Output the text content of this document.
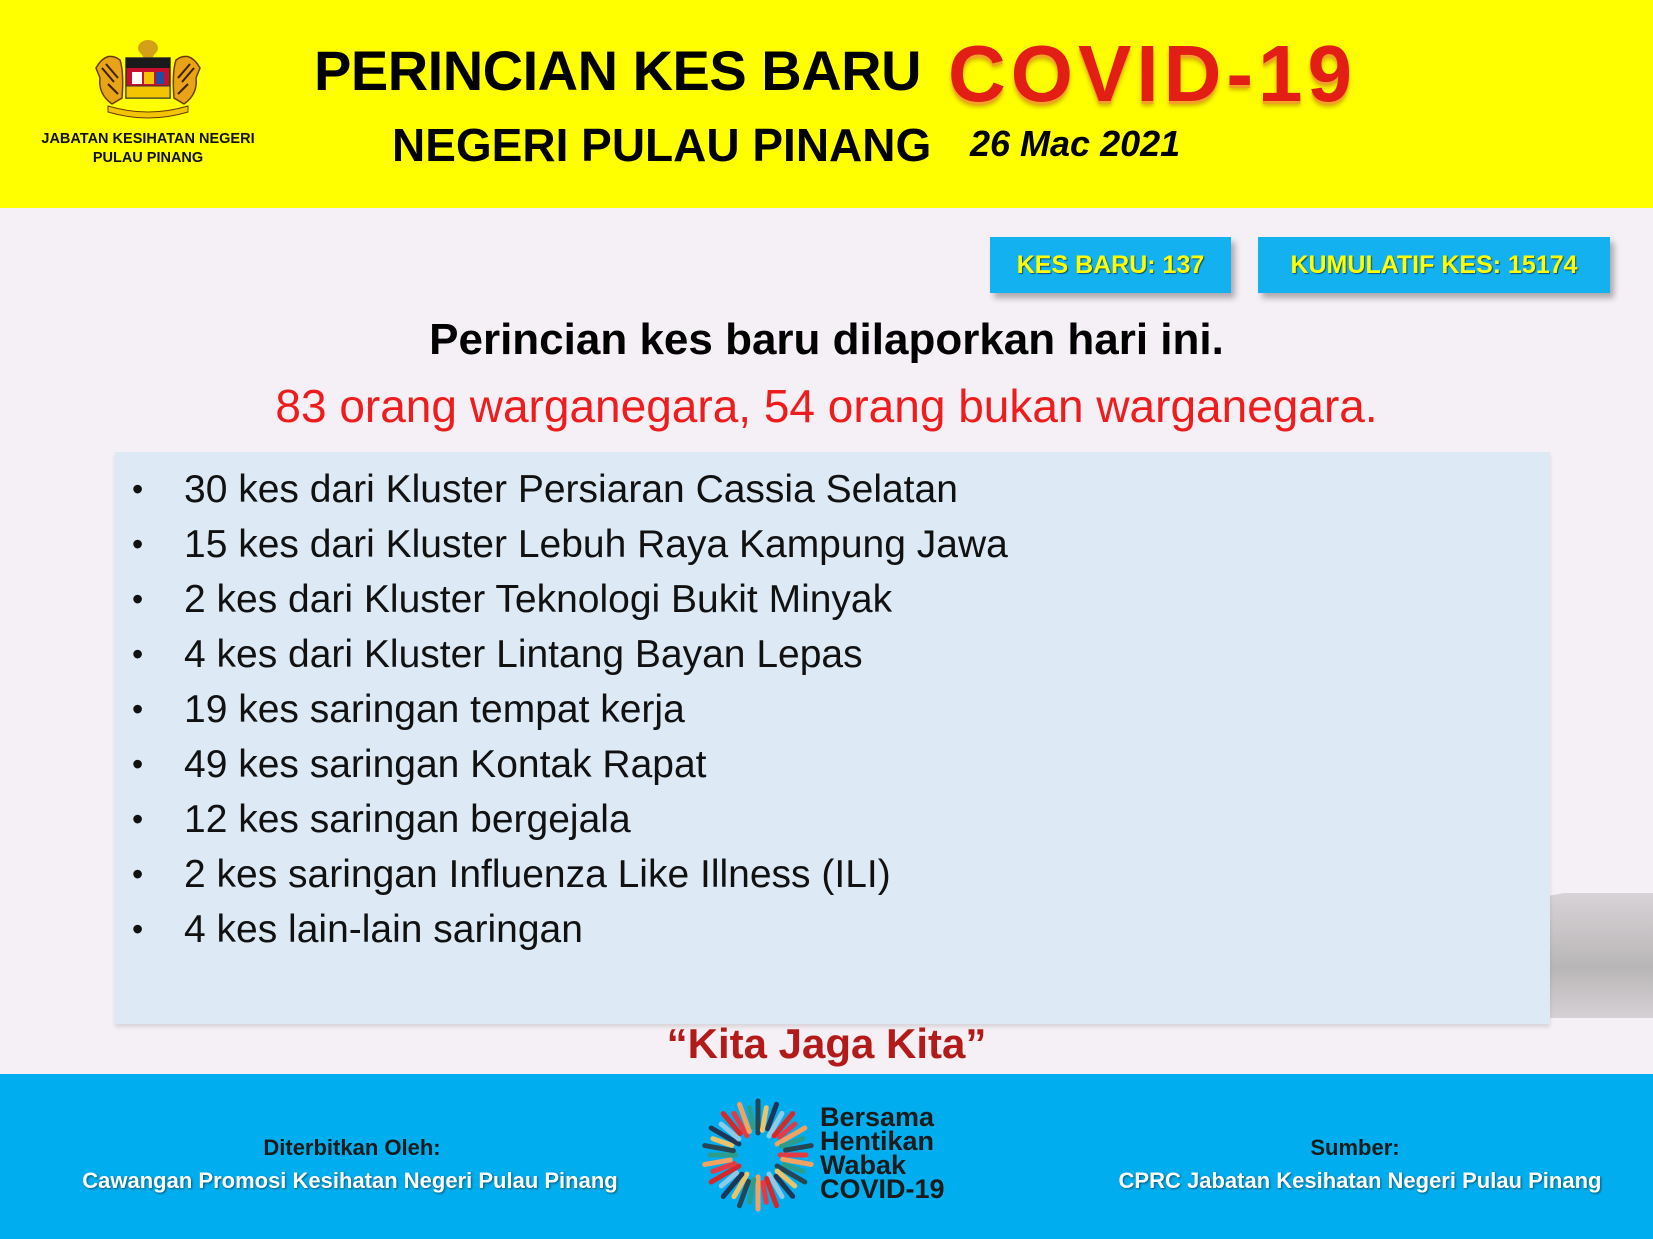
JABATAN KESIHATAN NEGERI PULAU PINANG
PERINCIAN KES BARU COVID-19
NEGERI PULAU PINANG 26 Mac 2021
KES BARU: 137	KUMULATIF KES: 15174
Perincian kes baru dilaporkan hari ini.
83 orang warganegara, 54 orang bukan warganegara.
• 30 kes dari Kluster Persiaran Cassia Selatan
• 15 kes dari Kluster Lebuh Raya Kampung Jawa
• 2 kes dari Kluster Teknologi Bukit Minyak
• 4 kes dari Kluster Lintang Bayan Lepas
• 19 kes saringan tempat kerja
• 49 kes saringan Kontak Rapat
• 12 kes saringan bergejala
• 2 kes saringan Influenza Like Illness (ILI)
• 4 kes lain-lain saringan
“Kita Jaga Kita”
Diterbitkan Oleh:
Cawangan Promosi Kesihatan Negeri Pulau Pinang
Bersama
Hentikan
Wabak
COVID-19
Sumber:
CPRC Jabatan Kesihatan Negeri Pulau Pinang
